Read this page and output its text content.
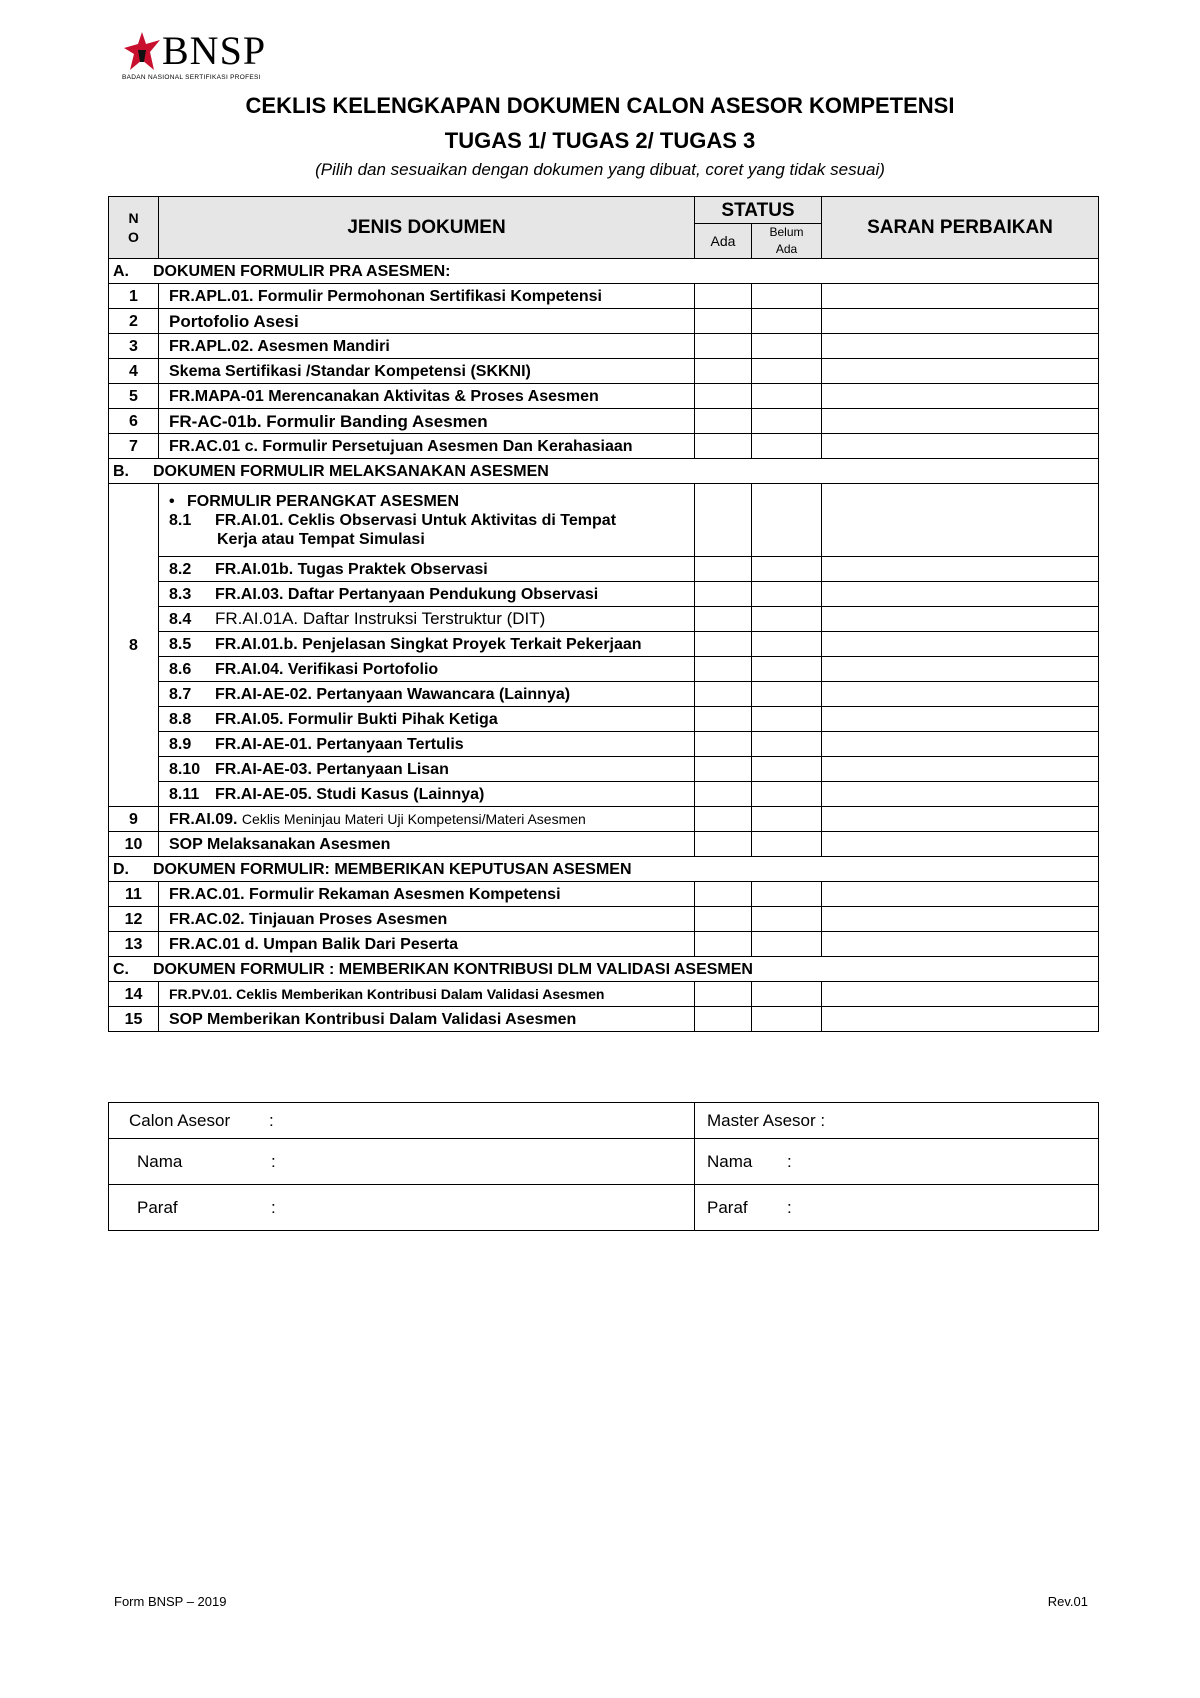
BNSP
BADAN NASIONAL SERTIFIKASI PROFESI
CEKLIS KELENGKAPAN DOKUMEN CALON ASESOR KOMPETENSI
TUGAS 1/ TUGAS 2/ TUGAS 3
(Pilih dan sesuaikan dengan dokumen yang dibuat, coret yang tidak sesuai)
N
O	JENIS DOKUMEN	STATUS		SARAN PERBAIKAN
		Ada	Belum
Ada	
A. DOKUMEN FORMULIR PRA ASESMEN:				
1	FR.APL.01. Formulir Permohonan Sertifikasi Kompetensi			
2	Portofolio Asesi			
3	FR.APL.02. Asesmen Mandiri			
4	Skema Sertifikasi /Standar Kompetensi (SKKNI)			
5	FR.MAPA-01 Merencanakan Aktivitas & Proses Asesmen			
6	FR-AC-01b. Formulir Banding Asesmen			
7	FR.AC.01 c. Formulir Persetujuan Asesmen Dan Kerahasiaan			
B. DOKUMEN FORMULIR MELAKSANAKAN ASESMEN				
8	• FORMULIR PERANGKAT ASESMEN
8.1 FR.AI.01. Ceklis Observasi Untuk Aktivitas di Tempat
Kerja atau Tempat Simulasi			
	8.2 FR.AI.01b. Tugas Praktek Observasi			
	8.3 FR.AI.03. Daftar Pertanyaan Pendukung Observasi			
	8.4 FR.AI.01A. Daftar Instruksi Terstruktur (DIT)			
	8.5 FR.AI.01.b. Penjelasan Singkat Proyek Terkait Pekerjaan			
	8.6 FR.AI.04. Verifikasi Portofolio			
	8.7 FR.AI-AE-02. Pertanyaan Wawancara (Lainnya)			
	8.8 FR.AI.05. Formulir Bukti Pihak Ketiga			
	8.9 FR.AI-AE-01. Pertanyaan Tertulis			
	8.10 FR.AI-AE-03. Pertanyaan Lisan			
	8.11 FR.AI-AE-05. Studi Kasus (Lainnya)			
9	FR.AI.09. Ceklis Meninjau Materi Uji Kompetensi/Materi Asesmen			
10	SOP Melaksanakan Asesmen			
D. DOKUMEN FORMULIR: MEMBERIKAN KEPUTUSAN ASESMEN				
11	FR.AC.01. Formulir Rekaman Asesmen Kompetensi			
12	FR.AC.02. Tinjauan Proses Asesmen			
13	FR.AC.01 d. Umpan Balik Dari Peserta			
C. DOKUMEN FORMULIR : MEMBERIKAN KONTRIBUSI DLM VALIDASI ASESMEN				
14	FR.PV.01. Ceklis Memberikan Kontribusi Dalam Validasi Asesmen			
15	SOP Memberikan Kontribusi Dalam Validasi Asesmen			
Calon Asesor :	Master Asesor :
Nama :	Nama :
Paraf :	Paraf :
Form BNSP – 2019	Rev.01
